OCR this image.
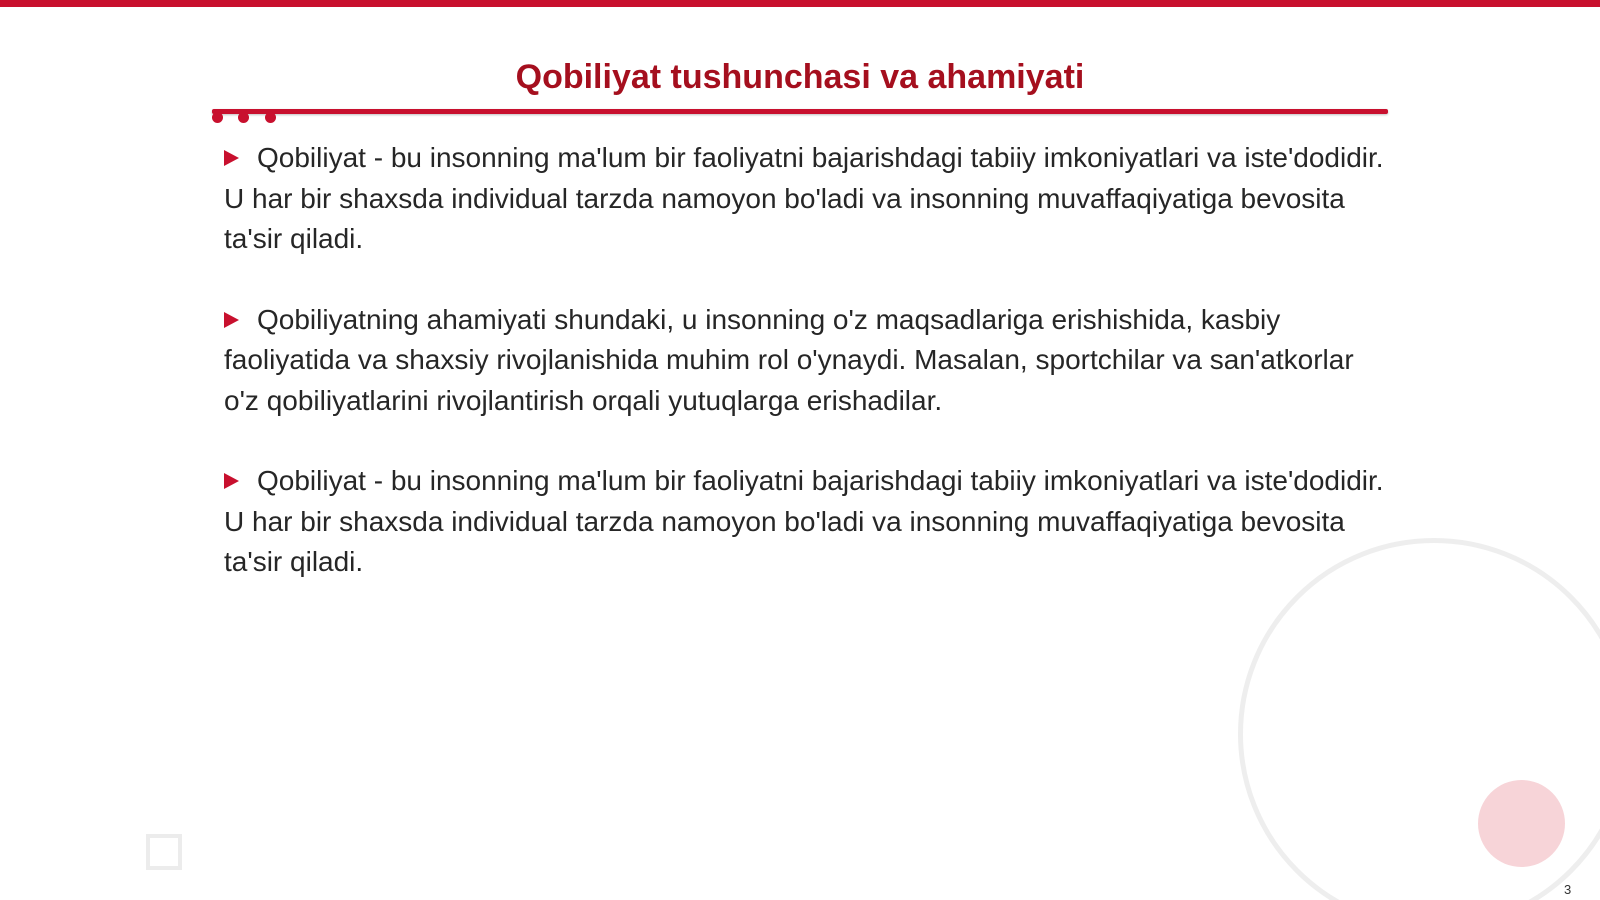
Qobiliyat tushunchasi va ahamiyati

Qobiliyat - bu insonning ma'lum bir faoliyatni bajarishdagi tabiiy imkoniyatlari va iste'dodidir. U har bir shaxsda individual tarzda namoyon bo'ladi va insonning muvaffaqiyatiga bevosita ta'sir qiladi.

Qobiliyatning ahamiyati shundaki, u insonning o'z maqsadlariga erishishida, kasbiy faoliyatida va shaxsiy rivojlanishida muhim rol o'ynaydi. Masalan, sportchilar va san'atkorlar o'z qobiliyatlarini rivojlantirish orqali yutuqlarga erishadilar.

Qobiliyat - bu insonning ma'lum bir faoliyatni bajarishdagi tabiiy imkoniyatlari va iste'dodidir. U har bir shaxsda individual tarzda namoyon bo'ladi va insonning muvaffaqiyatiga bevosita ta'sir qiladi.

3
